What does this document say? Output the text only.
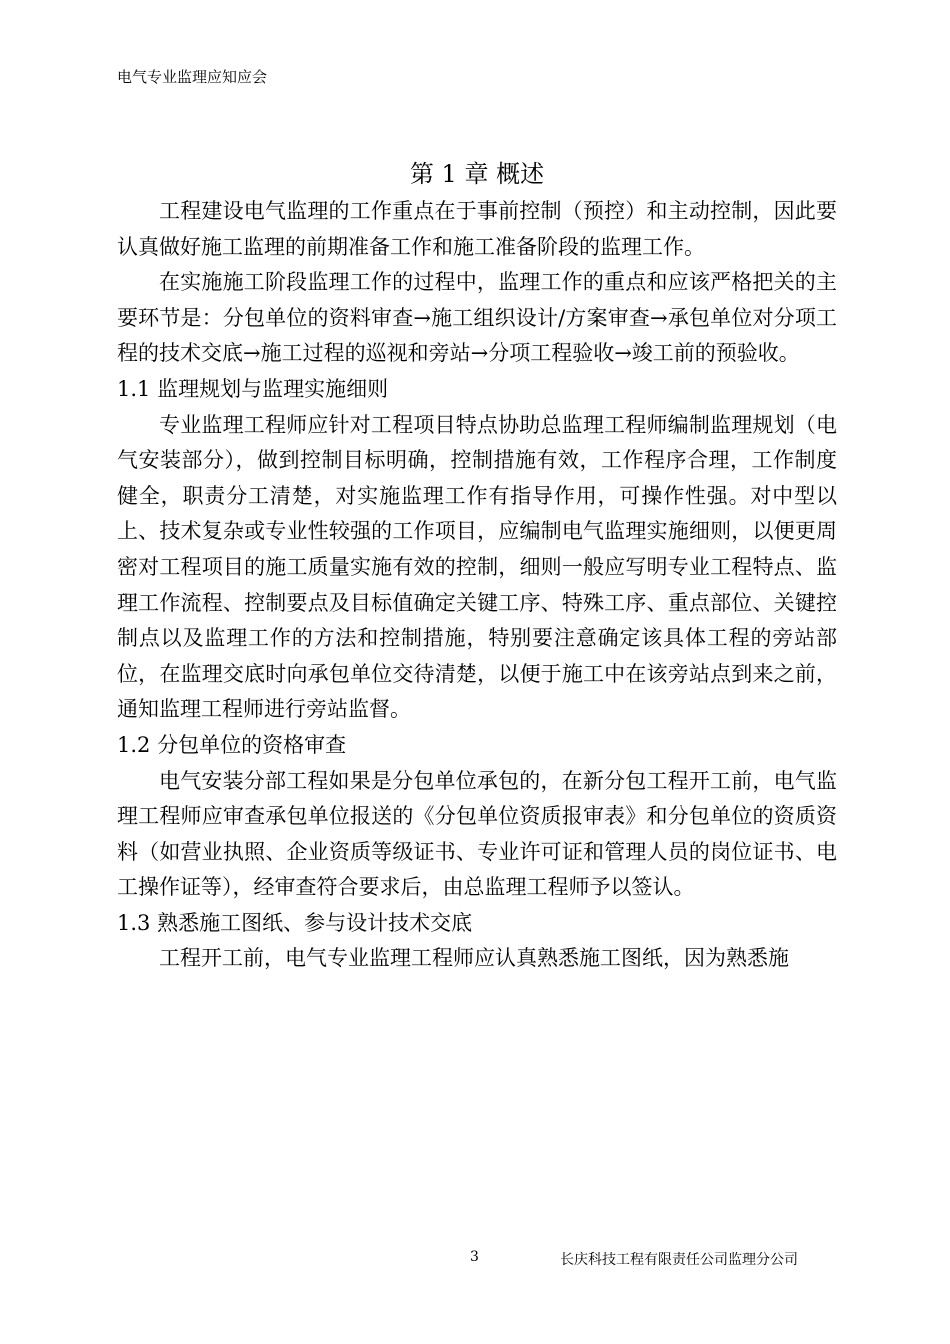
电气专业监理应知应会
第 1 章 概述

工程建设电气监理的工作重点在于事前控制（预控）和主动控制，因此要认真做好施工监理的前期准备工作和施工准备阶段的监理工作。

在实施施工阶段监理工作的过程中，监理工作的重点和应该严格把关的主要环节是：分包单位的资料审查→施工组织设计/方案审查→承包单位对分项工程的技术交底→施工过程的巡视和旁站→分项工程验收→竣工前的预验收。

1.1 监理规划与监理实施细则

专业监理工程师应针对工程项目特点协助总监理工程师编制监理规划（电气安装部分），做到控制目标明确，控制措施有效，工作程序合理，工作制度健全，职责分工清楚，对实施监理工作有指导作用，可操作性强。对中型以上、技术复杂或专业性较强的工作项目，应编制电气监理实施细则，以便更周密对工程项目的施工质量实施有效的控制，细则一般应写明专业工程特点、监理工作流程、控制要点及目标值确定关键工序、特殊工序、重点部位、关键控制点以及监理工作的方法和控制措施，特别要注意确定该具体工程的旁站部位，在监理交底时向承包单位交待清楚，以便于施工中在该旁站点到来之前，通知监理工程师进行旁站监督。

1.2 分包单位的资格审查

电气安装分部工程如果是分包单位承包的，在新分包工程开工前，电气监理工程师应审查承包单位报送的《分包单位资质报审表》和分包单位的资质资料（如营业执照、企业资质等级证书、专业许可证和管理人员的岗位证书、电工操作证等），经审查符合要求后，由总监理工程师予以签认。

1.3 熟悉施工图纸、参与设计技术交底

工程开工前，电气专业监理工程师应认真熟悉施工图纸，因为熟悉施

3	长庆科技工程有限责任公司监理分公司
